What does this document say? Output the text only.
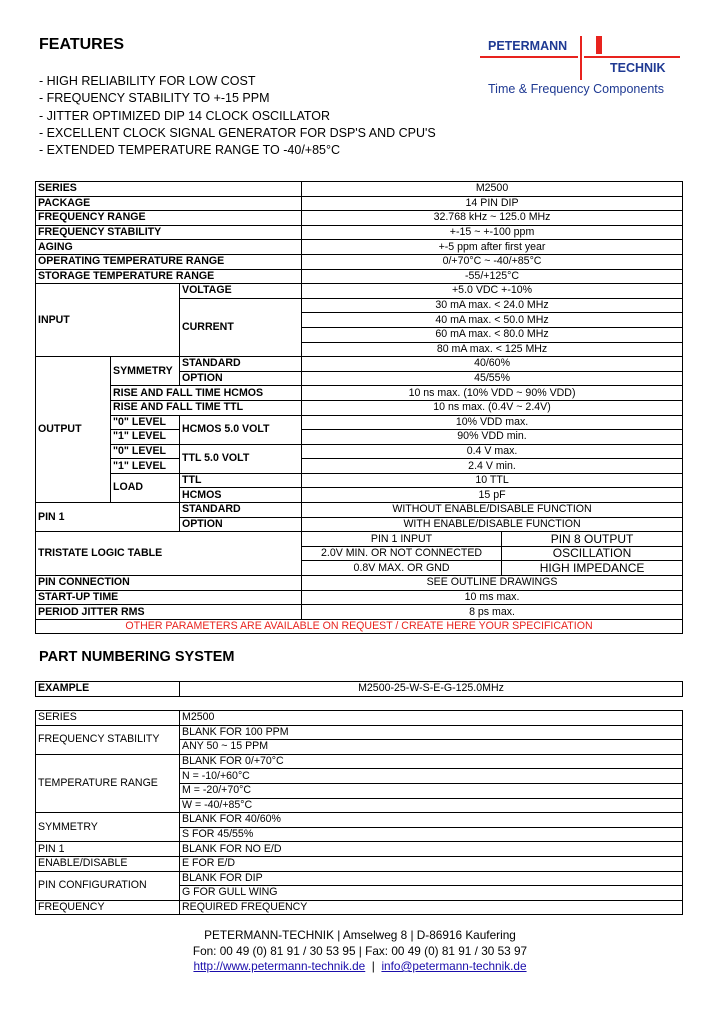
FEATURES
- HIGH RELIABILITY FOR LOW COST
- FREQUENCY STABILITY TO +-15 PPM
- JITTER OPTIMIZED DIP 14 CLOCK OSCILLATOR
- EXCELLENT CLOCK SIGNAL GENERATOR FOR DSP'S AND CPU'S
- EXTENDED TEMPERATURE RANGE TO -40/+85°C
PETERMANN
TECHNIK
Time & Frequency Components
SERIES			M2500	
PACKAGE			14 PIN DIP	
FREQUENCY RANGE			32.768 kHz ~ 125.0 MHz	
FREQUENCY STABILITY			+-15 ~ +-100 ppm	
AGING			+-5 ppm after first year	
OPERATING TEMPERATURE RANGE			0/+70°C ~ -40/+85°C	
STORAGE TEMPERATURE RANGE			-55/+125°C	
INPUT		VOLTAGE	+5.0 VDC +-10%	
		CURRENT	30 mA max. < 24.0 MHz	
			40 mA max. < 50.0 MHz	
			60 mA max. < 80.0 MHz	
			80 mA max. < 125 MHz	
OUTPUT	SYMMETRY	STANDARD	40/60%	
		OPTION	45/55%	
	RISE AND FALL TIME HCMOS		10 ns max. (10% VDD ~ 90% VDD)	
	RISE AND FALL TIME TTL		10 ns max. (0.4V ~ 2.4V)	
	"0" LEVEL	HCMOS 5.0 VOLT	10% VDD max.	
	"1" LEVEL		90% VDD min.	
	"0" LEVEL	TTL 5.0 VOLT	0.4 V max.	
	"1" LEVEL		2.4 V min.	
	LOAD	TTL	10 TTL	
		HCMOS	15 pF	
PIN 1		STANDARD	WITHOUT ENABLE/DISABLE FUNCTION	
		OPTION	WITH ENABLE/DISABLE FUNCTION	
TRISTATE LOGIC TABLE			PIN 1 INPUT	PIN 8 OUTPUT
			2.0V MIN. OR NOT CONNECTED	OSCILLATION
			0.8V MAX. OR GND	HIGH IMPEDANCE
PIN CONNECTION			SEE OUTLINE DRAWINGS	
START-UP TIME			10 ms max.	
PERIOD JITTER RMS			8 ps max.	
OTHER PARAMETERS ARE AVAILABLE ON REQUEST / CREATE HERE YOUR SPECIFICATION				
PART NUMBERING SYSTEM
EXAMPLE	M2500-25-W-S-E-G-125.0MHz
SERIES	M2500
FREQUENCY STABILITY	BLANK FOR 100 PPM
	ANY 50 ~ 15 PPM
TEMPERATURE RANGE	BLANK FOR 0/+70°C
	N = -10/+60°C
	M = -20/+70°C
	W = -40/+85°C
SYMMETRY	BLANK FOR 40/60%
	S FOR 45/55%
PIN 1	BLANK FOR NO E/D
ENABLE/DISABLE	E FOR E/D
PIN CONFIGURATION	BLANK FOR DIP
	G FOR GULL WING
FREQUENCY	REQUIRED FREQUENCY
PETERMANN-TECHNIK | Amselweg 8 | D-86916 Kaufering
Fon: 00 49 (0) 81 91 / 30 53 95 | Fax: 00 49 (0) 81 91 / 30 53 97
http://www.petermann-technik.de  |  info@petermann-technik.de
